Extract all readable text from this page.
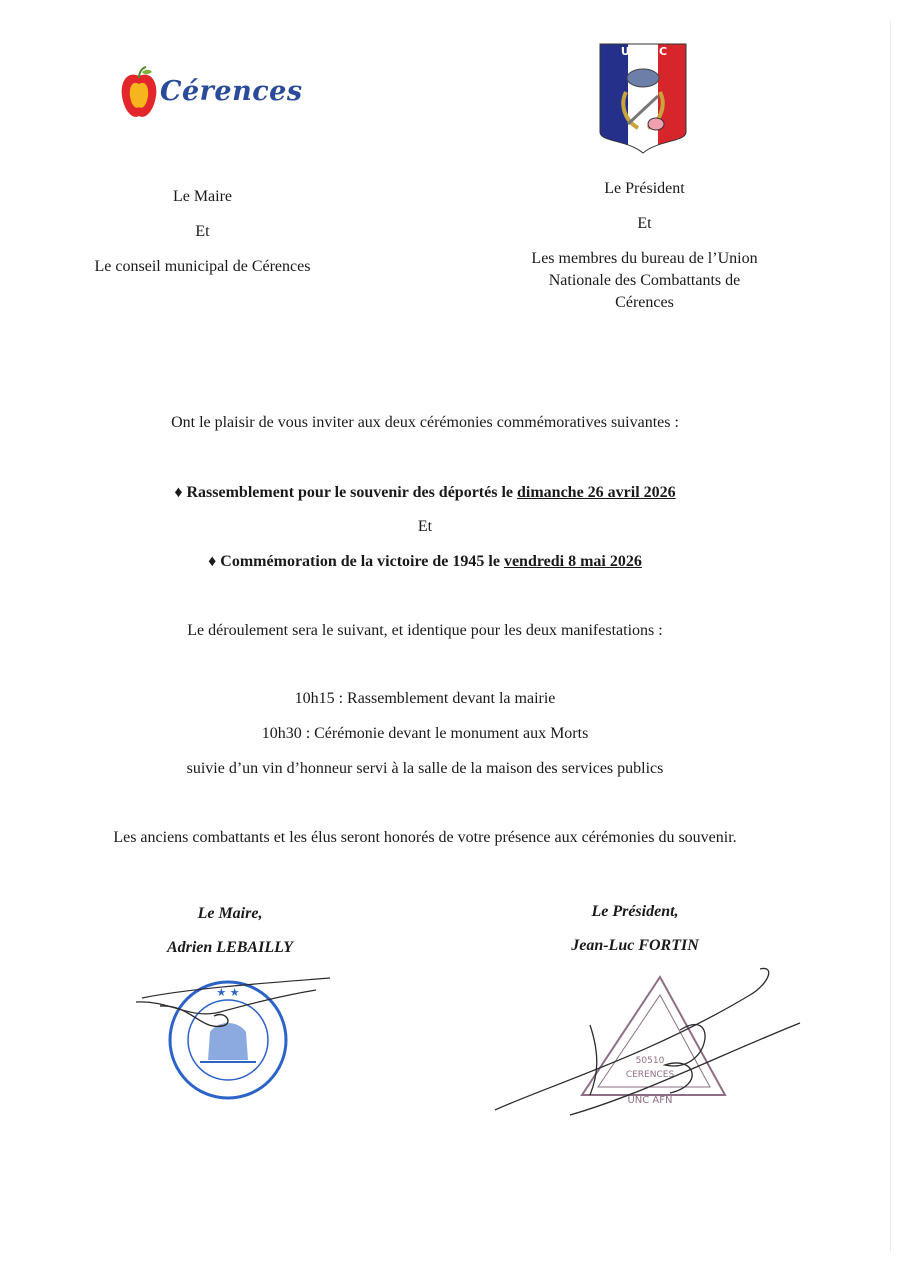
Cérences
UNC
Le Maire
Et
Le conseil municipal de Cérences
Le Président
Et
Les membres du bureau de l’Union
Nationale des Combattants de
Cérences
Ont le plaisir de vous inviter aux deux cérémonies commémoratives suivantes :
♦ Rassemblement pour le souvenir des déportés le dimanche 26 avril 2026
Et
♦ Commémoration de la victoire de 1945 le vendredi 8 mai 2026
Le déroulement sera le suivant, et identique pour les deux manifestations :
10h15 : Rassemblement devant la mairie
10h30 : Cérémonie devant le monument aux Morts
suivie d’un vin d’honneur servi à la salle de la maison des services publics
Les anciens combattants et les élus seront honorés de votre présence aux cérémonies du souvenir.
Le Maire,
Adrien LEBAILLY
Le Président,
Jean-Luc FORTIN
★ ★
50510
CERENCES
UNC AFN
